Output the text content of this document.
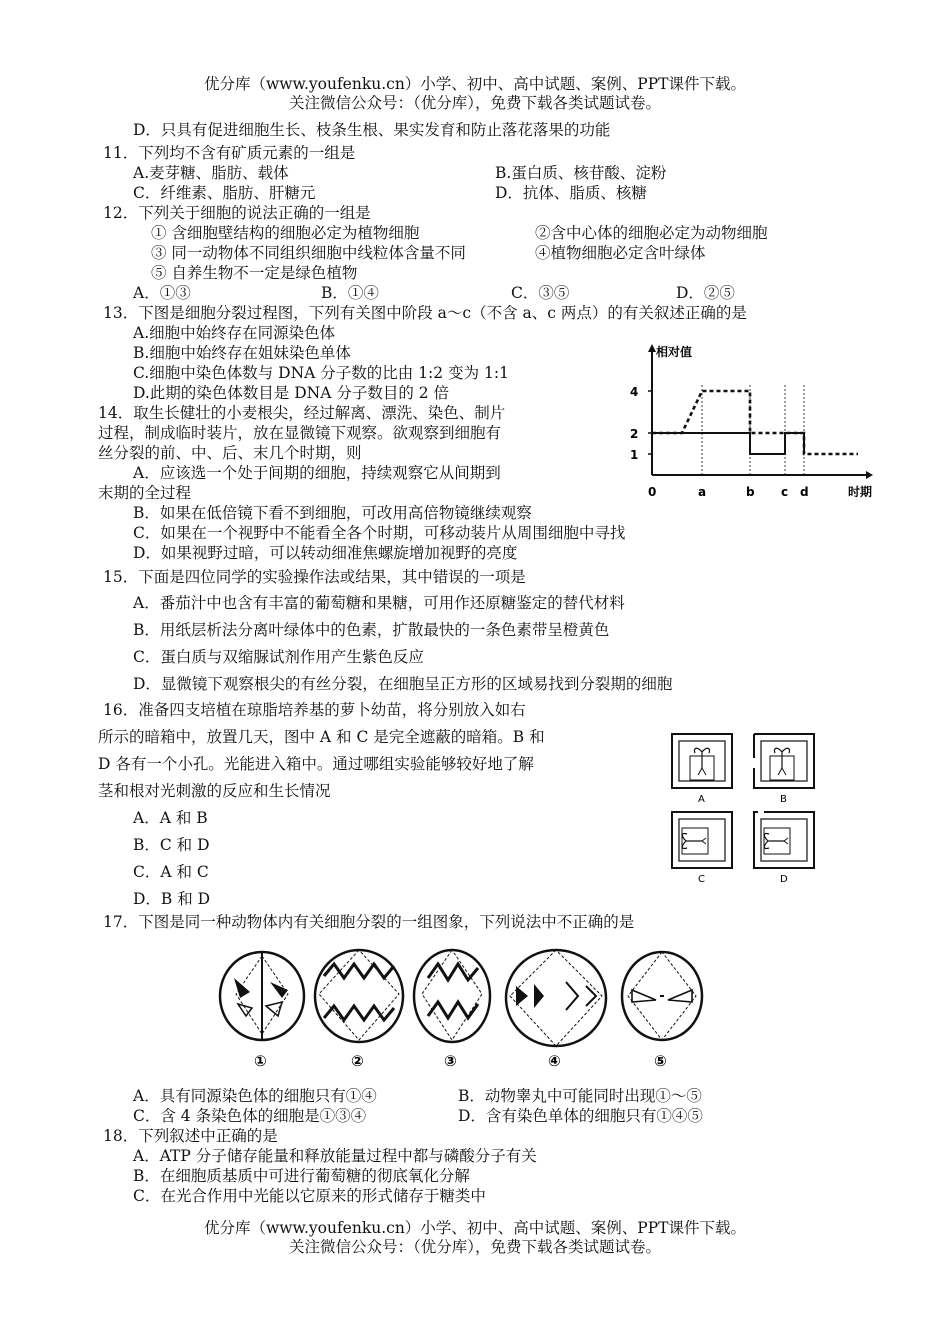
优分库（www.youfenku.cn）小学、初中、高中试题、案例、PPT课件下载。
关注微信公众号：（优分库），免费下载各类试题试卷。
D．只具有促进细胞生长、枝条生根、果实发育和防止落花落果的功能
11．下列均不含有矿质元素的一组是
A.麦芽糖、脂肪、载体	B.蛋白质、核苷酸、淀粉
C．纤维素、脂肪、肝糖元	D．抗体、脂质、核糖
12．下列关于细胞的说法正确的一组是
① 含细胞壁结构的细胞必定为植物细胞	②含中心体的细胞必定为动物细胞
③ 同一动物体不同组织细胞中线粒体含量不同	④植物细胞必定含叶绿体
⑤ 自养生物不一定是绿色植物
A．①③	B．①④	C．③⑤	D．②⑤
13．下图是细胞分裂过程图，下列有关图中阶段 a～c（不含 a、c 两点）的有关叙述正确的是
A.细胞中始终存在同源染色体
B.细胞中始终存在姐妹染色单体
C.细胞中染色体数与 DNA 分子数的比由 1:2 变为 1:1
D.此期的染色体数目是 DNA 分子数目的 2 倍
相对值
时期
1
2
4
0	a	b c d
14．取生长健壮的小麦根尖，经过解离、漂洗、染色、制片
过程，制成临时装片，放在显微镜下观察。欲观察到细胞有
丝分裂的前、中、后、末几个时期，则
A．应该选一个处于间期的细胞，持续观察它从间期到
末期的全过程
B．如果在低倍镜下看不到细胞，可改用高倍物镜继续观察
C．如果在一个视野中不能看全各个时期，可移动装片从周围细胞中寻找
D．如果视野过暗，可以转动细准焦螺旋增加视野的亮度
15．下面是四位同学的实验操作法或结果，其中错误的一项是
A．番茄汁中也含有丰富的葡萄糖和果糖，可用作还原糖鉴定的替代材料
B．用纸层析法分离叶绿体中的色素，扩散最快的一条色素带呈橙黄色
C．蛋白质与双缩脲试剂作用产生紫色反应
D．显微镜下观察根尖的有丝分裂，在细胞呈正方形的区域易找到分裂期的细胞
16．准备四支培植在琼脂培养基的萝卜幼苗，将分别放入如右
所示的暗箱中，放置几天，图中 A 和 C 是完全遮蔽的暗箱。B 和
D 各有一个小孔。光能进入箱中。通过哪组实验能够较好地了解
茎和根对光刺激的反应和生长情况
A．A 和 B
B．C 和 D
C．A 和 C
D．B 和 D
A	B
C	D
17．下图是同一种动物体内有关细胞分裂的一组图象，下列说法中不正确的是
①	②	③	④	⑤
A．具有同源染色体的细胞只有①④	B．动物睾丸中可能同时出现①～⑤
C．含 4 条染色体的细胞是①③④	D．含有染色单体的细胞只有①④⑤
18．下列叙述中正确的是
A．ATP 分子储存能量和释放能量过程中都与磷酸分子有关
B．在细胞质基质中可进行葡萄糖的彻底氧化分解
C．在光合作用中光能以它原来的形式储存于糖类中
优分库（www.youfenku.cn）小学、初中、高中试题、案例、PPT课件下载。
关注微信公众号：（优分库），免费下载各类试题试卷。
